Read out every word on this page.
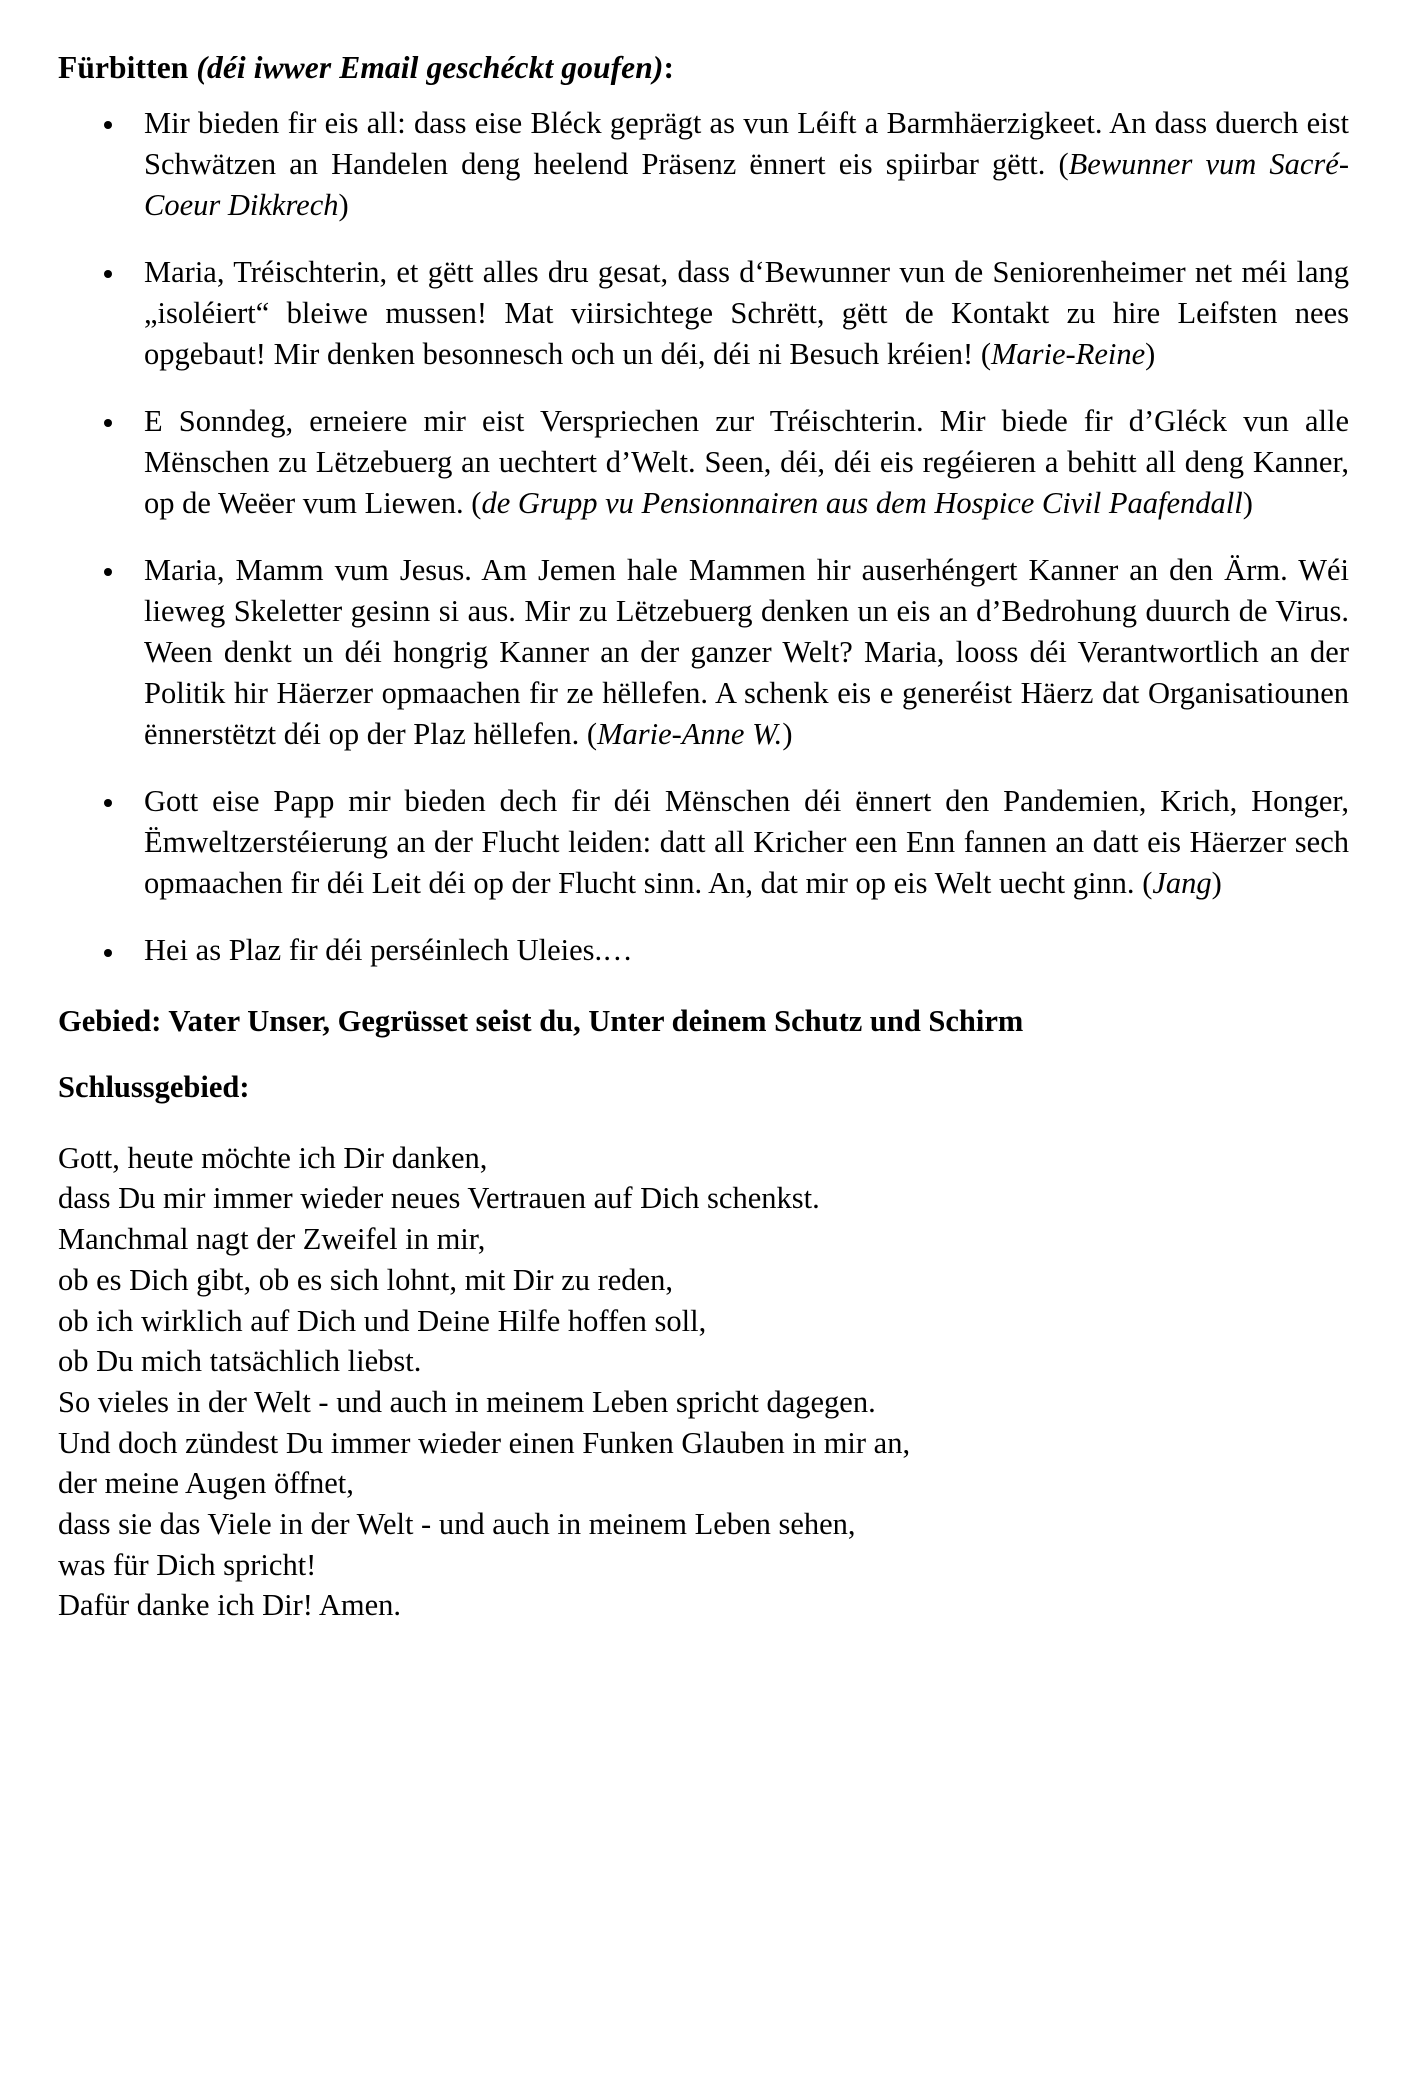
Fürbitten (déi iwwer Email geschéckt goufen):
Mir bieden fir eis all: dass eise Bléck geprägt as vun Léift a Barmhäerzigkeet. An dass duerch eist Schwätzen an Handelen deng heelend Präsenz ënnert eis spiirbar gëtt. (Bewunner vum Sacré-Coeur Dikkrech)
Maria, Tréischterin, et gëtt alles dru gesat, dass d‘Bewunner vun de Seniorenheimer net méi lang „isoléiert“ bleiwe mussen! Mat viirsichtege Schrëtt, gëtt de Kontakt zu hire Leifsten nees opgebaut! Mir denken besonnesch och un déi, déi ni Besuch kréien! (Marie-Reine)
E Sonndeg, erneiere mir eist Verspriechen zur Tréischterin. Mir biede fir d’Gléck vun alle Mënschen zu Lëtzebuerg an uechtert d’Welt. Seen, déi, déi eis regéieren a behitt all deng Kanner, op de Weëer vum Liewen. (de Grupp vu Pensionnairen aus dem Hospice Civil Paafendall)
Maria, Mamm vum Jesus. Am Jemen hale Mammen hir auserhéngert Kanner an den Ärm. Wéi lieweg Skeletter gesinn si aus. Mir zu Lëtzebuerg denken un eis an d’Bedrohung duurch de Virus. Ween denkt un déi hongrig Kanner an der ganzer Welt? Maria, looss déi Verantwortlich an der Politik hir Häerzer opmaachen fir ze hëllefen. A schenk eis e generéist Häerz dat Organisatiounen ënnerstëtzt déi op der Plaz hëllefen. (Marie-Anne W.)
Gott eise Papp mir bieden dech fir déi Mënschen déi ënnert den Pandemien, Krich, Honger, Ëmweltzerstéierung an der Flucht leiden: datt all Kricher een Enn fannen an datt eis Häerzer sech opmaachen fir déi Leit déi op der Flucht sinn. An, dat mir op eis Welt uecht ginn. (Jang)
Hei as Plaz fir déi perséinlech Uleies.…

Gebied: Vater Unser, Gegrüsset seist du, Unter deinem Schutz und Schirm

Schlussgebied:

Gott, heute möchte ich Dir danken,
dass Du mir immer wieder neues Vertrauen auf Dich schenkst.
Manchmal nagt der Zweifel in mir,
ob es Dich gibt, ob es sich lohnt, mit Dir zu reden,
ob ich wirklich auf Dich und Deine Hilfe hoffen soll,
ob Du mich tatsächlich liebst.
So vieles in der Welt - und auch in meinem Leben spricht dagegen.
Und doch zündest Du immer wieder einen Funken Glauben in mir an,
der meine Augen öffnet,
dass sie das Viele in der Welt - und auch in meinem Leben sehen,
was für Dich spricht!
Dafür danke ich Dir! Amen.
